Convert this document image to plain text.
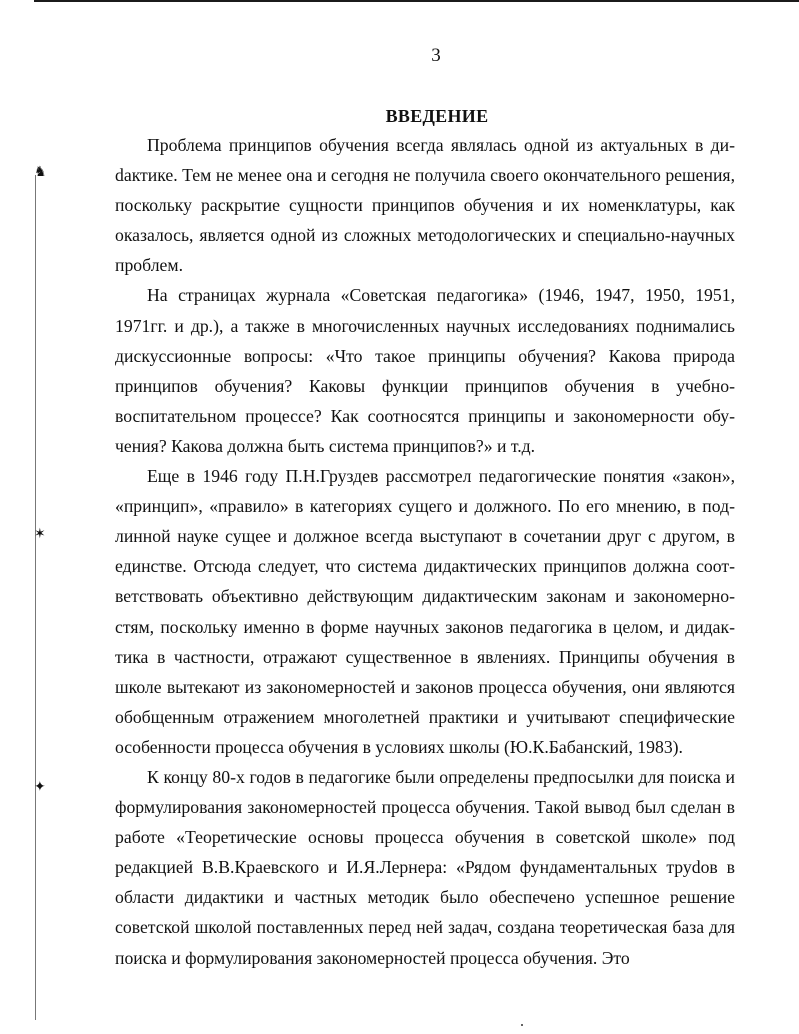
♞
✶
✦
3
ВВЕДЕНИЕ

Проблема принципов обучения всегда являлась одной из актуальных в диdактике. Тем не менее она и сегодня не получила своего окончательного решения, поскольку раскрытие сущности принципов обучения и их номенклатуры, как оказалось, является одной из сложных методологических и специально-научных проблем.

На страницах журнала «Советская педагогика» (1946, 1947, 1950, 1951, 1971гг. и др.), а также в многочисленных научных исследованиях поднимались дискуссионные вопросы: «Что такое принципы обучения? Какова природа принципов обучения? Каковы функции принципов обучения в учебно-воспитательном процессе? Как соотносятся принципы и закономерности обучения? Какова должна быть система принципов?» и т.д.

Еще в 1946 году П.Н.Груздев рассмотрел педагогические понятия «закон», «принцип», «правило» в категориях сущего и должного. По его мнению, в подлинной науке сущее и должное всегда выступают в сочетании друг с другом, в единстве. Отсюда следует, что система дидактических принципов должна соответствовать объективно действующим дидактическим законам и закономерностям, поскольку именно в форме научных законов педагогика в целом, и дидактика в частности, отражают существенное в явлениях. Принципы обучения в школе вытекают из закономерностей и законов процесса обучения, они являются обобщенным отражением многолетней практики и учитывают специфические особенности процесса обучения в условиях школы (Ю.К.Бабанский, 1983).

К концу 80-х годов в педагогике были определены предпосылки для поиска и формулирования закономерностей процесса обучения. Такой вывод был сделан в работе «Теоретические основы процесса обучения в советской школе» под редакцией В.В.Краевского и И.Я.Лернера: «Рядом фундаментальных труdов в области дидактики и частных методик было обеспечено успешное решение советской школой поставленных перед ней задач, создана теоретическая база для поиска и формулирования закономерностей процесса обучения. Это
